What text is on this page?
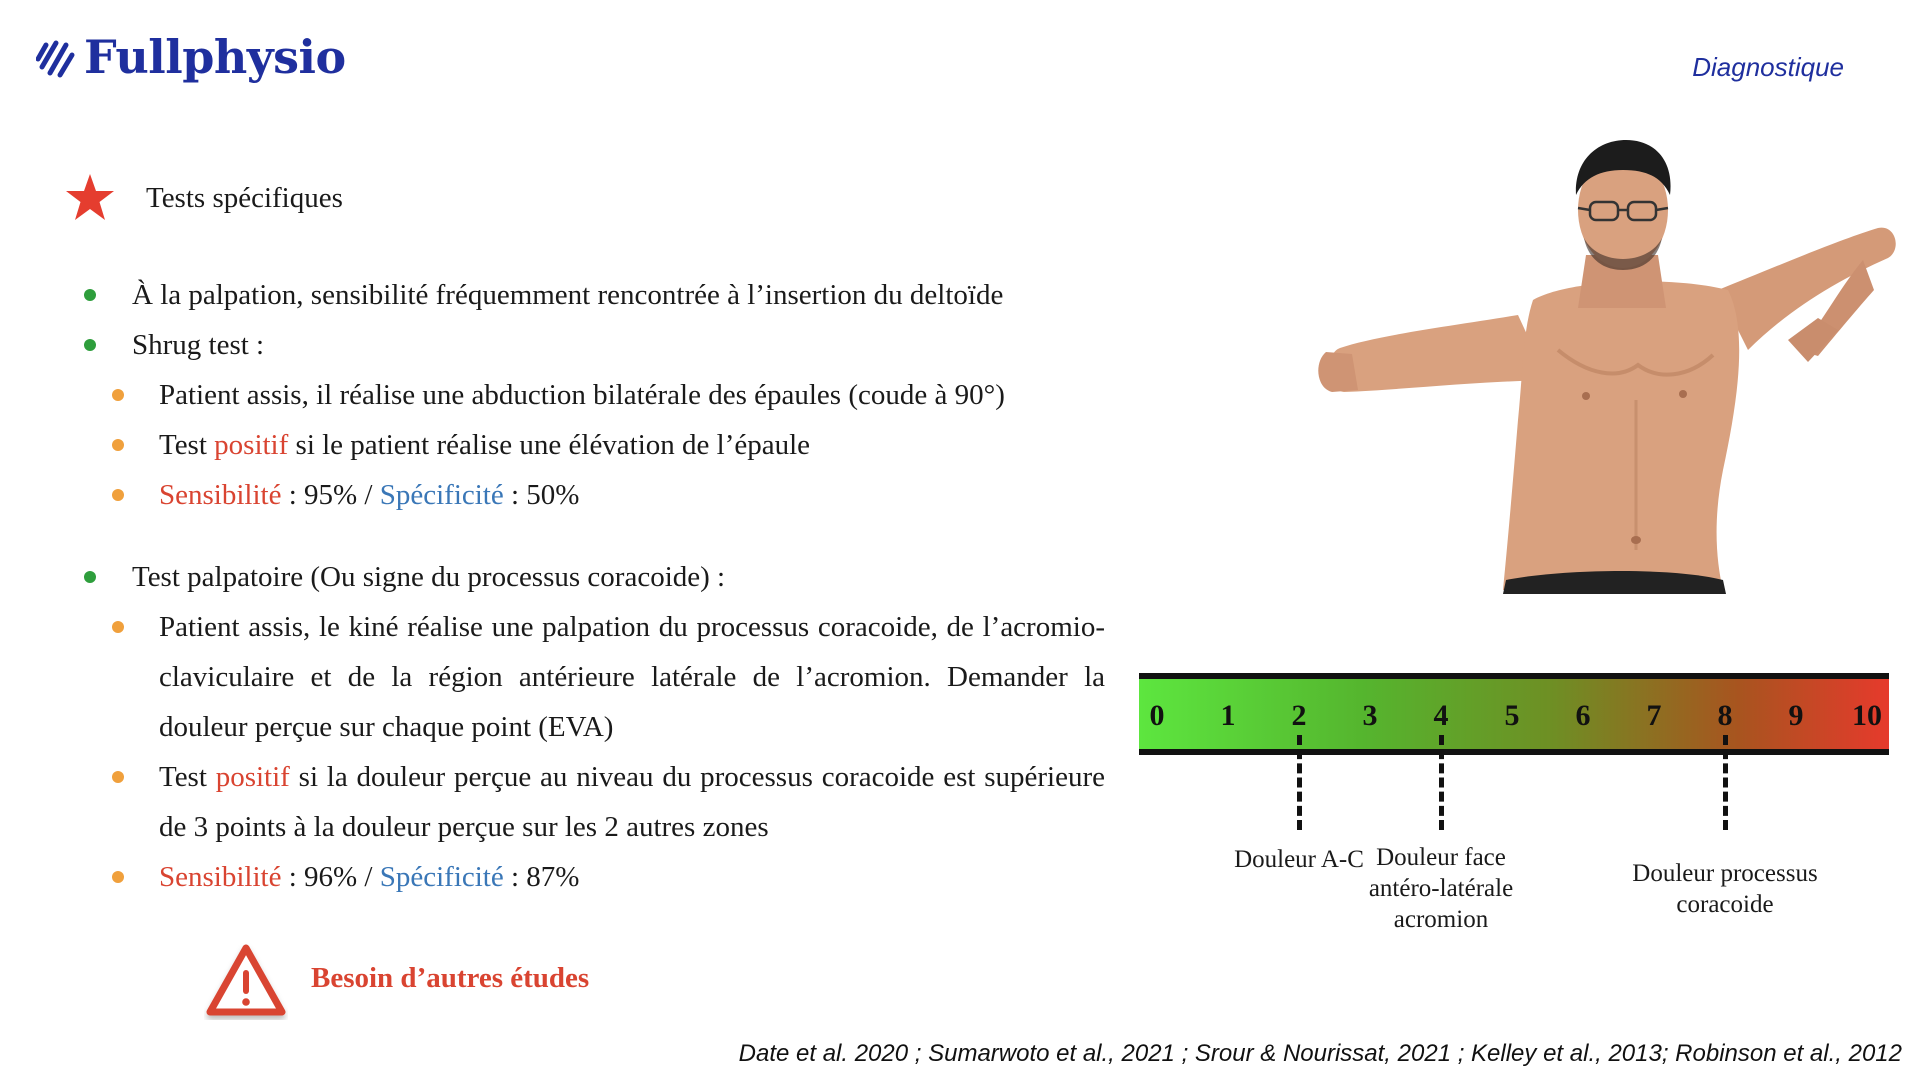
Fullphysio	Diagnostique
Tests spécifiques
À la palpation, sensibilité fréquemment rencontrée à l’insertion du deltoïde
Shrug test :
Patient assis, il réalise une abduction bilatérale des épaules (coude à 90°)
Test positif si le patient réalise une élévation de l’épaule
Sensibilité : 95% / Spécificité : 50%
Test palpatoire (Ou signe du processus coracoide) :
Patient assis, le kiné réalise une palpation du processus coracoide, de l’acromio-claviculaire et de la région antérieure latérale de l’acromion. Demander la douleur perçue sur chaque point (EVA)
Test positif si la douleur perçue au niveau du processus coracoide est supérieure de 3 points à la douleur perçue sur les 2 autres zones
Sensibilité : 96% / Spécificité : 87%
Besoin d’autres études
0 1 2 3 4 5 6 7 8 9 10
Date et al. 2020 ; Sumarwoto et al., 2021 ; Srour & Nourissat, 2021 ; Kelley et al., 2013; Robinson et al., 2012
Douleur A-C Douleur face
antéro-latérale
acromion
Douleur processus
coracoide
